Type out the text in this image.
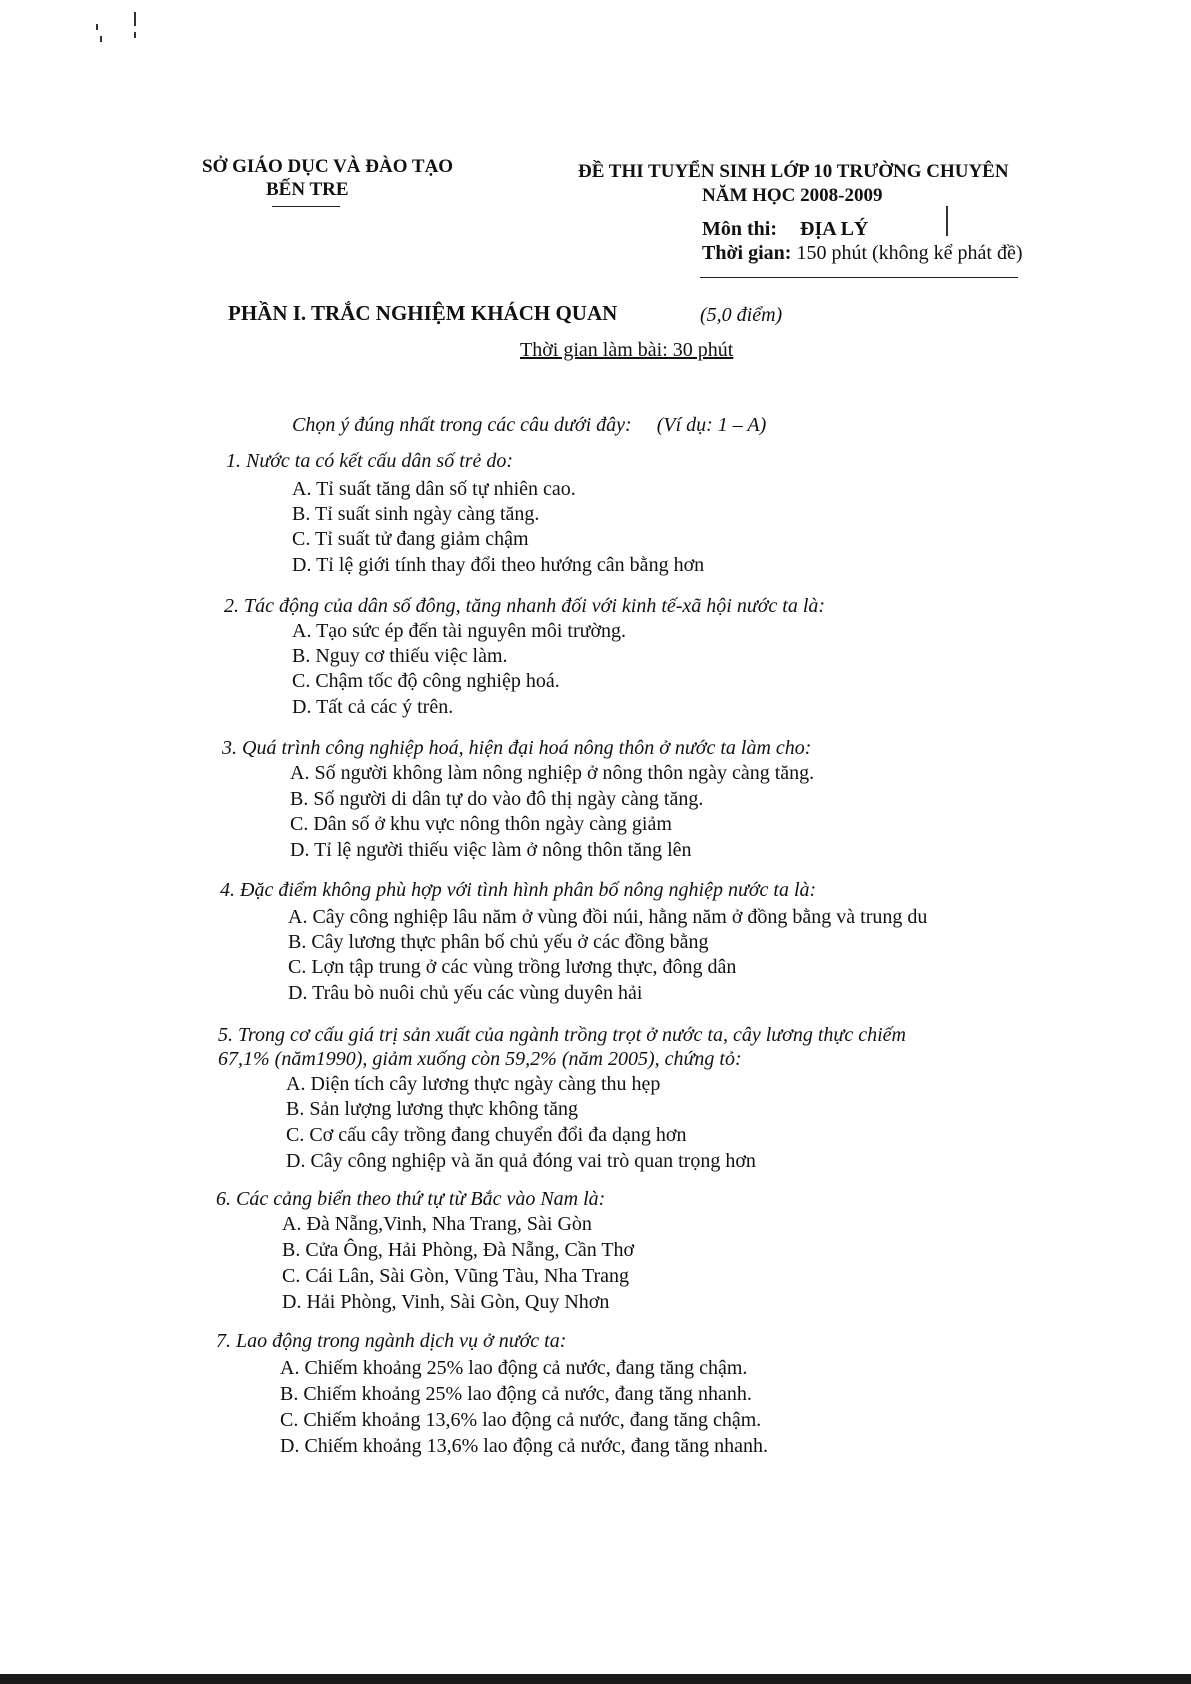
SỞ GIÁO DỤC VÀ ĐÀO TẠO
BẾN TRE
ĐỀ THI TUYỂN SINH LỚP 10 TRƯỜNG CHUYÊN
NĂM HỌC 2008-2009
Môn thi: ĐỊA LÝ
Thời gian: 150 phút (không kể phát đề)
PHẦN I. TRẮC NGHIỆM KHÁCH QUAN	(5,0 điểm)
Thời gian làm bài: 30 phút
Chọn ý đúng nhất trong các câu dưới đây: (Ví dụ: 1 – A)
1. Nước ta có kết cấu dân số trẻ do:
A. Tỉ suất tăng dân số tự nhiên cao.
B. Tỉ suất sinh ngày càng tăng.
C. Tỉ suất tử đang giảm chậm
D. Tỉ lệ giới tính thay đổi theo hướng cân bằng hơn
2. Tác động của dân số đông, tăng nhanh đối với kinh tế-xã hội nước ta là:
A. Tạo sức ép đến tài nguyên môi trường.
B. Nguy cơ thiếu việc làm.
C. Chậm tốc độ công nghiệp hoá.
D. Tất cả các ý trên.
3. Quá trình công nghiệp hoá, hiện đại hoá nông thôn ở nước ta làm cho:
A. Số người không làm nông nghiệp ở nông thôn ngày càng tăng.
B. Số người di dân tự do vào đô thị ngày càng tăng.
C. Dân số ở khu vực nông thôn ngày càng giảm
D. Tỉ lệ người thiếu việc làm ở nông thôn tăng lên
4. Đặc điểm không phù hợp với tình hình phân bố nông nghiệp nước ta là:
A. Cây công nghiệp lâu năm ở vùng đồi núi, hằng năm ở đồng bằng và trung du
B. Cây lương thực phân bố chủ yếu ở các đồng bằng
C. Lợn tập trung ở các vùng trồng lương thực, đông dân
D. Trâu bò nuôi chủ yếu các vùng duyên hải
5. Trong cơ cấu giá trị sản xuất của ngành trồng trọt ở nước ta, cây lương thực chiếm
67,1% (năm1990), giảm xuống còn 59,2% (năm 2005), chứng tỏ:
A. Diện tích cây lương thực ngày càng thu hẹp
B. Sản lượng lương thực không tăng
C. Cơ cấu cây trồng đang chuyển đổi đa dạng hơn
D. Cây công nghiệp và ăn quả đóng vai trò quan trọng hơn
6. Các cảng biển theo thứ tự từ Bắc vào Nam là:
A. Đà Nẵng,Vinh, Nha Trang, Sài Gòn
B. Cửa Ông, Hải Phòng, Đà Nẵng, Cần Thơ
C. Cái Lân, Sài Gòn, Vũng Tàu, Nha Trang
D. Hải Phòng, Vinh, Sài Gòn, Quy Nhơn
7. Lao động trong ngành dịch vụ ở nước ta:
A. Chiếm khoảng 25% lao động cả nước, đang tăng chậm.
B. Chiếm khoảng 25% lao động cả nước, đang tăng nhanh.
C. Chiếm khoảng 13,6% lao động cả nước, đang tăng chậm.
D. Chiếm khoảng 13,6% lao động cả nước, đang tăng nhanh.
